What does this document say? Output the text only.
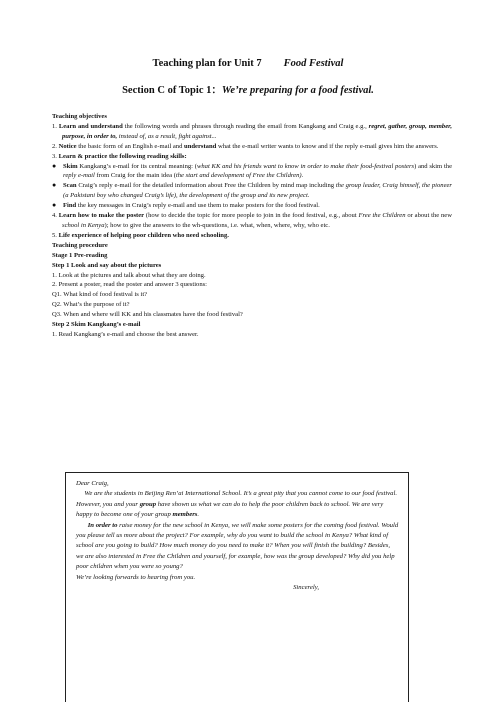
Teaching plan for Unit 7 Food Festival
Section C of Topic 1：We’re preparing for a food festival.

Teaching objectives

1. Learn and understand the following words and phrases through reading the email from Kangkang and Craig e.g., regret, gather, group, member, purpose, in order to, instead of, as a result, fight against...

2. Notice the basic form of an English e-mail and understand what the e-mail writer wants to know and if the reply e-mail gives him the answers.

3. Learn & practice the following reading skills:

● Skim Kangkang’s e-mail for its central meaning: (what KK and his friends want to know in order to make their food-festival posters) and skim the reply e-mail from Craig for the main idea (the start and development of Free the Children).

● Scan Craig’s reply e-mail for the detailed information about Free the Children by mind map including the group leader, Craig himself, the pioneer (a Pakistani boy who changed Craig’s life), the development of the group and its new project.

● Find the key messages in Craig’s reply e-mail and use them to make posters for the food festival.

4. Learn how to make the poster (how to decide the topic for more people to join in the food festival, e.g., about Free the Children or about the new school in Kenya); how to give the answers to the wh-questions, i.e. what, when, where, why, who etc.

5. Life experience of helping poor children who need schooling.

Teaching procedure

Stage 1 Pre-reading

Step 1 Look and say about the pictures

1. Look at the pictures and talk about what they are doing.

2. Present a poster, read the poster and answer 3 questions:

Q1. What kind of food festival is it?

Q2. What’s the purpose of it?

Q3. When and where will KK and his classmates have the food festival?

Step 2 Skim Kangkang’s e-mail

1. Read Kangkang’s e-mail and choose the best answer.

Dear Craig,

We are the students in Beijing Ren’ai International School. It’s a great pity that you cannot come to our food festival. However, you and your group have shown us what we can do to help the poor children back to school. We are very happy to become one of your group members.

In order to raise money for the new school in Kenya, we will make some posters for the coming food festival. Would you please tell us more about the project? For example, why do you want to build the school in Kenya? What kind of school are you going to build? How much money do you need to make it? When you will finish the building? Besides, we are also interested in Free the Children and yourself, for example, how was the group developed? Why did you help poor children when you were so young?

We’re looking forwards to hearing from you.

Sincerely,
